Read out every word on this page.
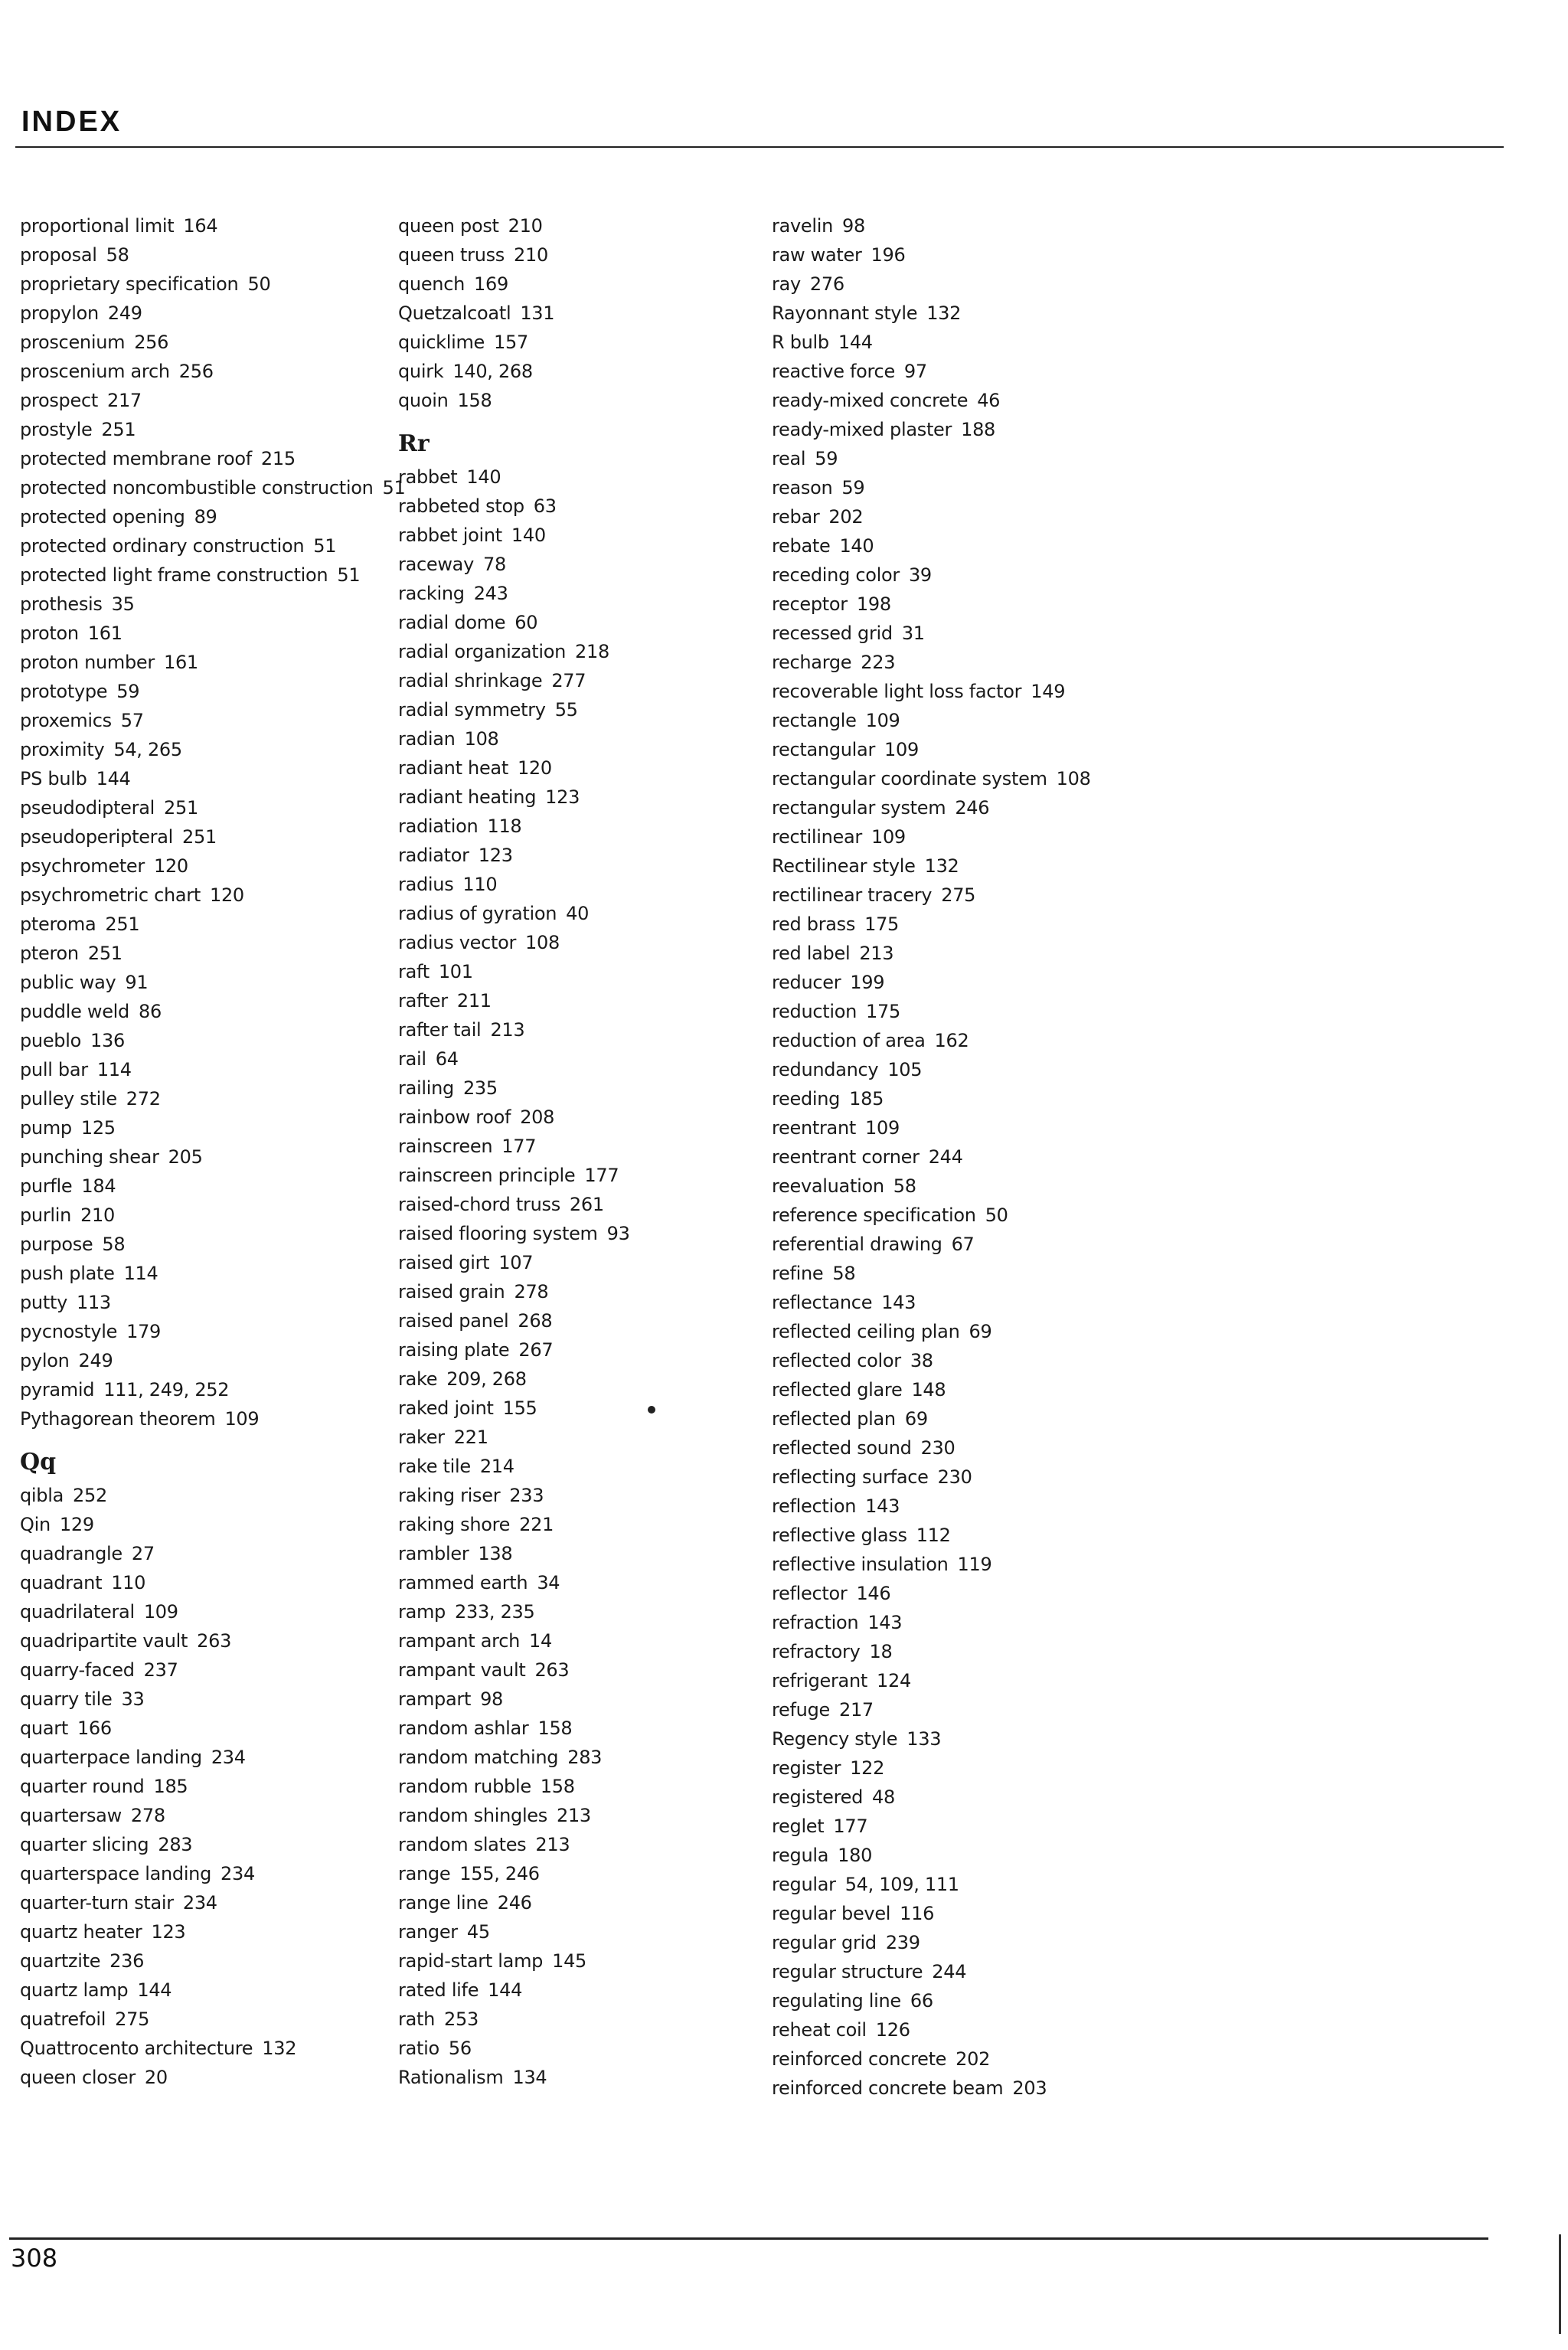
INDEX
proportional limit 164
proposal 58
proprietary specification 50
propylon 249
proscenium 256
proscenium arch 256
prospect 217
prostyle 251
protected membrane roof 215
protected noncombustible construction 51
protected opening 89
protected ordinary construction 51
protected light frame construction 51
prothesis 35
proton 161
proton number 161
prototype 59
proxemics 57
proximity 54, 265
PS bulb 144
pseudodipteral 251
pseudoperipteral 251
psychrometer 120
psychrometric chart 120
pteroma 251
pteron 251
public way 91
puddle weld 86
pueblo 136
pull bar 114
pulley stile 272
pump 125
punching shear 205
purfle 184
purlin 210
purpose 58
push plate 114
putty 113
pycnostyle 179
pylon 249
pyramid 111, 249, 252
Pythagorean theorem 109
Qq
qibla 252
Qin 129
quadrangle 27
quadrant 110
quadrilateral 109
quadripartite vault 263
quarry-faced 237
quarry tile 33
quart 166
quarterpace landing 234
quarter round 185
quartersaw 278
quarter slicing 283
quarterspace landing 234
quarter-turn stair 234
quartz heater 123
quartzite 236
quartz lamp 144
quatrefoil 275
Quattrocento architecture 132
queen closer 20
queen post 210
queen truss 210
quench 169
Quetzalcoatl 131
quicklime 157
quirk 140, 268
quoin 158
Rr
rabbet 140
rabbeted stop 63
rabbet joint 140
raceway 78
racking 243
radial dome 60
radial organization 218
radial shrinkage 277
radial symmetry 55
radian 108
radiant heat 120
radiant heating 123
radiation 118
radiator 123
radius 110
radius of gyration 40
radius vector 108
raft 101
rafter 211
rafter tail 213
rail 64
railing 235
rainbow roof 208
rainscreen 177
rainscreen principle 177
raised-chord truss 261
raised flooring system 93
raised girt 107
raised grain 278
raised panel 268
raising plate 267
rake 209, 268
raked joint 155
raker 221
rake tile 214
raking riser 233
raking shore 221
rambler 138
rammed earth 34
ramp 233, 235
rampant arch 14
rampant vault 263
rampart 98
random ashlar 158
random matching 283
random rubble 158
random shingles 213
random slates 213
range 155, 246
range line 246
ranger 45
rapid-start lamp 145
rated life 144
rath 253
ratio 56
Rationalism 134
ravelin 98
raw water 196
ray 276
Rayonnant style 132
R bulb 144
reactive force 97
ready-mixed concrete 46
ready-mixed plaster 188
real 59
reason 59
rebar 202
rebate 140
receding color 39
receptor 198
recessed grid 31
recharge 223
recoverable light loss factor 149
rectangle 109
rectangular 109
rectangular coordinate system 108
rectangular system 246
rectilinear 109
Rectilinear style 132
rectilinear tracery 275
red brass 175
red label 213
reducer 199
reduction 175
reduction of area 162
redundancy 105
reeding 185
reentrant 109
reentrant corner 244
reevaluation 58
reference specification 50
referential drawing 67
refine 58
reflectance 143
reflected ceiling plan 69
reflected color 38
reflected glare 148
reflected plan 69
reflected sound 230
reflecting surface 230
reflection 143
reflective glass 112
reflective insulation 119
reflector 146
refraction 143
refractory 18
refrigerant 124
refuge 217
Regency style 133
register 122
registered 48
reglet 177
regula 180
regular 54, 109, 111
regular bevel 116
regular grid 239
regular structure 244
regulating line 66
reheat coil 126
reinforced concrete 202
reinforced concrete beam 203
308
